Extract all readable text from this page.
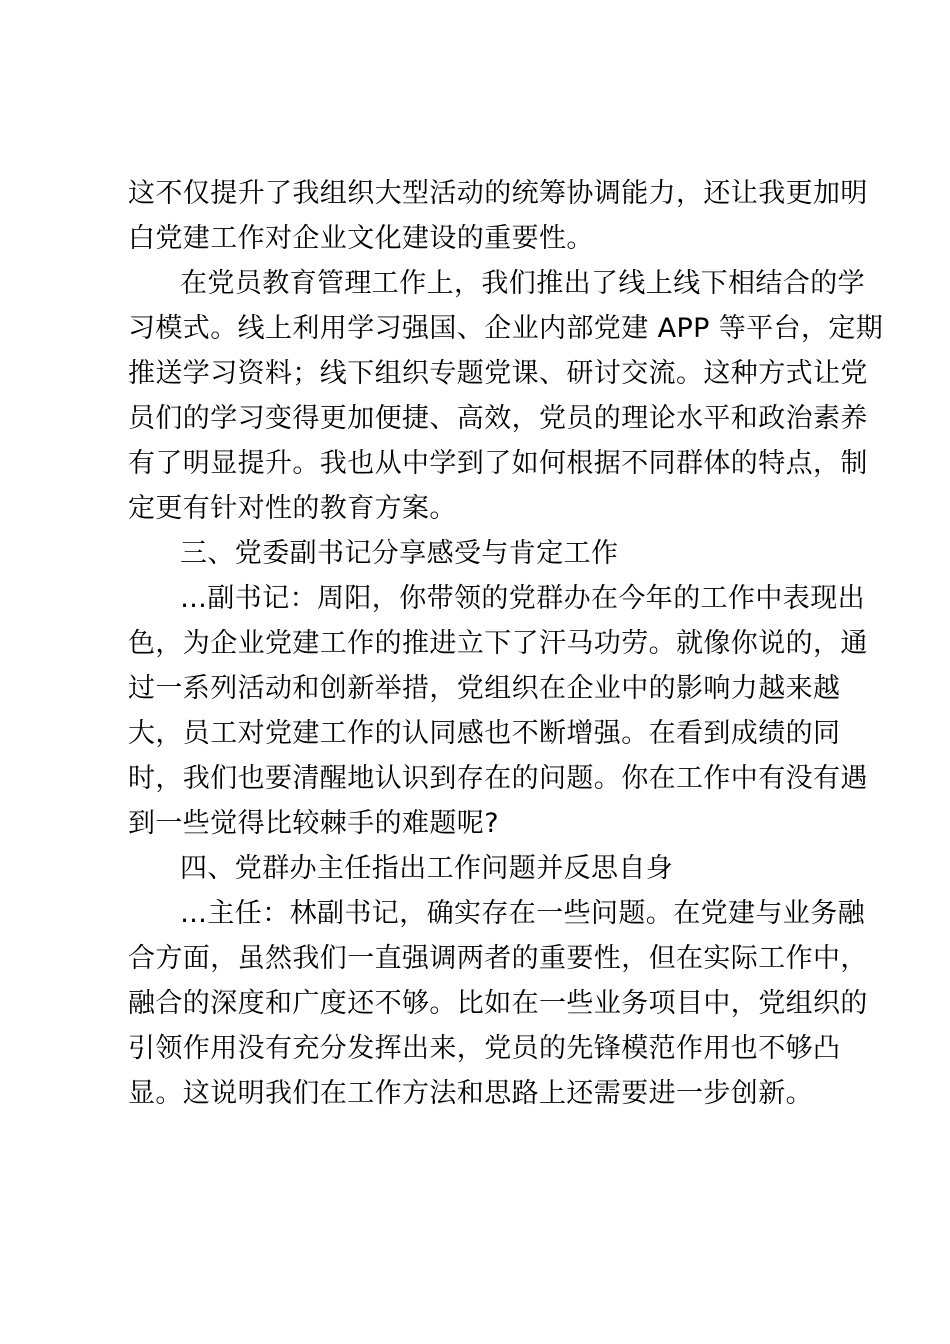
这不仅提升了我组织大型活动的统筹协调能力，还让我更加明
白党建工作对企业文化建设的重要性。
在党员教育管理工作上，我们推出了线上线下相结合的学
习模式。线上利用学习强国、企业内部党建 APP 等平台，定期
推送学习资料；线下组织专题党课、研讨交流。这种方式让党
员们的学习变得更加便捷、高效，党员的理论水平和政治素养
有了明显提升。我也从中学到了如何根据不同群体的特点，制
定更有针对性的教育方案。
三、党委副书记分享感受与肯定工作
…副书记：周阳，你带领的党群办在今年的工作中表现出
色，为企业党建工作的推进立下了汗马功劳。就像你说的，通
过一系列活动和创新举措，党组织在企业中的影响力越来越
大，员工对党建工作的认同感也不断增强。在看到成绩的同
时，我们也要清醒地认识到存在的问题。你在工作中有没有遇
到一些觉得比较棘手的难题呢?
四、党群办主任指出工作问题并反思自身
…主任：林副书记，确实存在一些问题。在党建与业务融
合方面，虽然我们一直强调两者的重要性，但在实际工作中，
融合的深度和广度还不够。比如在一些业务项目中，党组织的
引领作用没有充分发挥出来，党员的先锋模范作用也不够凸
显。这说明我们在工作方法和思路上还需要进一步创新。
